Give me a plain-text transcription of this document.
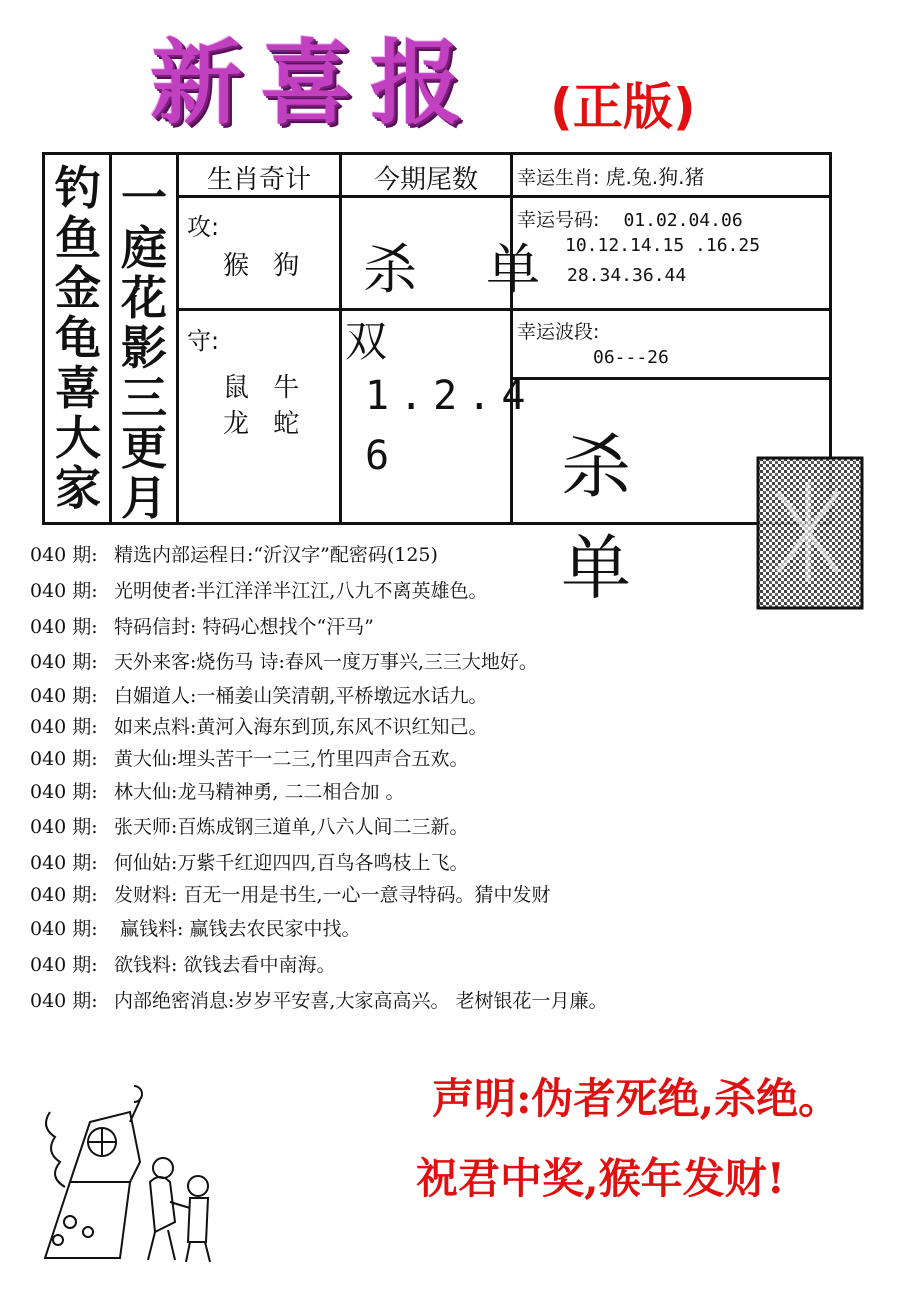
新喜报 (正版)
钓鱼金龟喜大家
一庭花影三更月
生肖奇计	今期尾数
攻:
猴 狗 杀 单
守:
鼠 牛
龙 蛇
双
1.2.4
6
幸运生肖: 虎.兔.狗.猪
幸运号码: 01.02.04.06
10.12.14.15 .16.25
28.34.36.44
幸运波段:
06---26
杀 单
040 期: 精选内部运程日:“沂汉字”配密码(125)
040 期: 光明使者:半江洋洋半江江,八九不离英雄色。
040 期: 特码信封: 特码心想找个“汗马”
040 期: 天外来客:烧伤马 诗:春风一度万事兴,三三大地好。
040 期: 白媚道人:一桶姜山笑清朝,平桥墩远水话九。
040 期: 如来点料:黄河入海东到顶,东风不识红知己。
040 期: 黄大仙:埋头苦干一二三,竹里四声合五欢。
040 期: 林大仙:龙马精神勇, 二二相合加 。
040 期: 张天师:百炼成钢三道单,八六人间二三新。
040 期: 何仙姑:万紫千红迎四四,百鸟各鸣枝上飞。
040 期: 发财料: 百无一用是书生,一心一意寻特码。猜中发财
040 期: 赢钱料: 赢钱去农民家中找。
040 期: 欲钱料: 欲钱去看中南海。
040 期: 内部绝密消息:岁岁平安喜,大家高高兴。 老树银花一月廉。
声明:伪者死绝,杀绝。
祝君中奖,猴年发财!
